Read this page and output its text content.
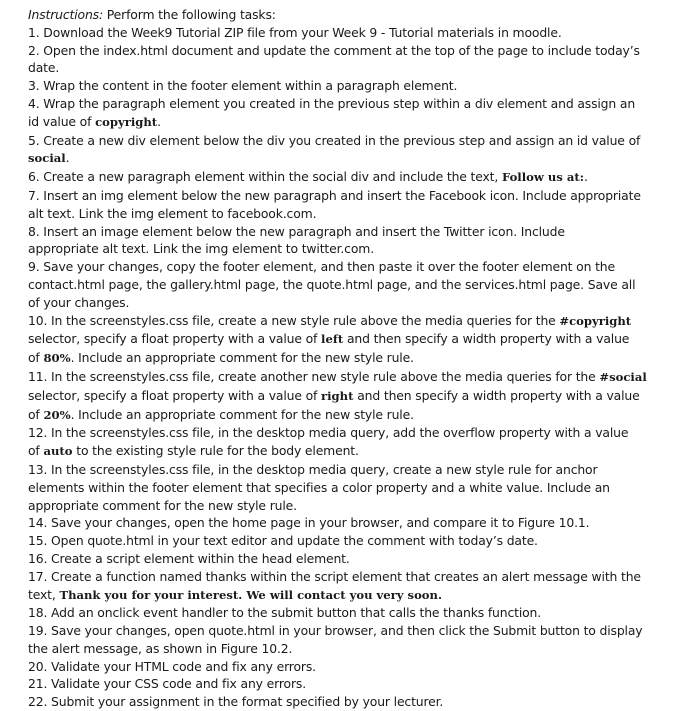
Instructions: Perform the following tasks:
1. Download the Week9 Tutorial ZIP file from your Week 9 - Tutorial materials in moodle.
2. Open the index.html document and update the comment at the top of the page to include today’s
date.
3. Wrap the content in the footer element within a paragraph element.
4. Wrap the paragraph element you created in the previous step within a div element and assign an
id value of copyright.
5. Create a new div element below the div you created in the previous step and assign an id value of
social.
6. Create a new paragraph element within the social div and include the text, Follow us at:.
7. Insert an img element below the new paragraph and insert the Facebook icon. Include appropriate
alt text. Link the img element to facebook.com.
8. Insert an image element below the new paragraph and insert the Twitter icon. Include
appropriate alt text. Link the img element to twitter.com.
9. Save your changes, copy the footer element, and then paste it over the footer element on the
contact.html page, the gallery.html page, the quote.html page, and the services.html page. Save all
of your changes.
10. In the screenstyles.css file, create a new style rule above the media queries for the #copyright
selector, specify a float property with a value of left and then specify a width property with a value
of 80%. Include an appropriate comment for the new style rule.
11. In the screenstyles.css file, create another new style rule above the media queries for the #social
selector, specify a float property with a value of right and then specify a width property with a value
of 20%. Include an appropriate comment for the new style rule.
12. In the screenstyles.css file, in the desktop media query, add the overflow property with a value
of auto to the existing style rule for the body element.
13. In the screenstyles.css file, in the desktop media query, create a new style rule for anchor
elements within the footer element that specifies a color property and a white value. Include an
appropriate comment for the new style rule.
14. Save your changes, open the home page in your browser, and compare it to Figure 10.1.
15. Open quote.html in your text editor and update the comment with today’s date.
16. Create a script element within the head element.
17. Create a function named thanks within the script element that creates an alert message with the
text, Thank you for your interest. We will contact you very soon.
18. Add an onclick event handler to the submit button that calls the thanks function.
19. Save your changes, open quote.html in your browser, and then click the Submit button to display
the alert message, as shown in Figure 10.2.
20. Validate your HTML code and fix any errors.
21. Validate your CSS code and fix any errors.
22. Submit your assignment in the format specified by your lecturer.
